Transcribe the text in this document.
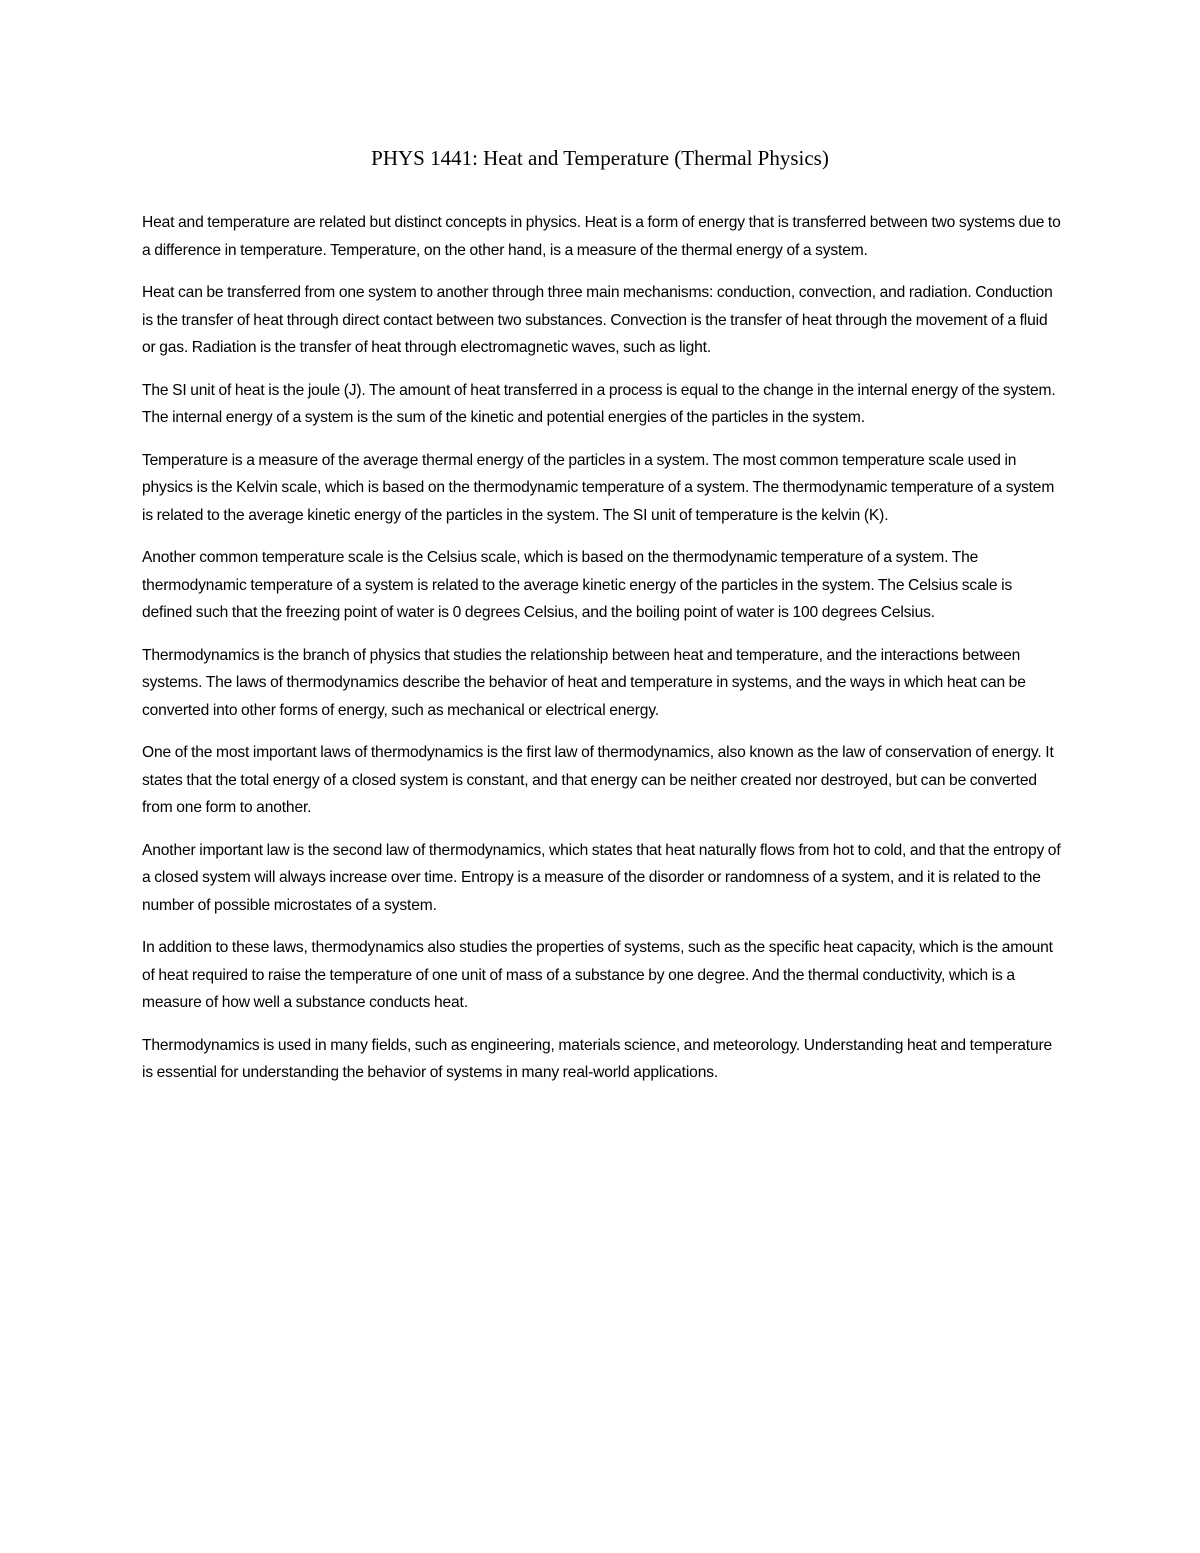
PHYS 1441: Heat and Temperature (Thermal Physics)

Heat and temperature are related but distinct concepts in physics. Heat is a form of energy that is transferred between two systems due to a difference in temperature. Temperature, on the other hand, is a measure of the thermal energy of a system.

Heat can be transferred from one system to another through three main mechanisms: conduction, convection, and radiation. Conduction is the transfer of heat through direct contact between two substances. Convection is the transfer of heat through the movement of a fluid or gas. Radiation is the transfer of heat through electromagnetic waves, such as light.

The SI unit of heat is the joule (J). The amount of heat transferred in a process is equal to the change in the internal energy of the system. The internal energy of a system is the sum of the kinetic and potential energies of the particles in the system.

Temperature is a measure of the average thermal energy of the particles in a system. The most common temperature scale used in physics is the Kelvin scale, which is based on the thermodynamic temperature of a system. The thermodynamic temperature of a system is related to the average kinetic energy of the particles in the system. The SI unit of temperature is the kelvin (K).

Another common temperature scale is the Celsius scale, which is based on the thermodynamic temperature of a system. The thermodynamic temperature of a system is related to the average kinetic energy of the particles in the system. The Celsius scale is defined such that the freezing point of water is 0 degrees Celsius, and the boiling point of water is 100 degrees Celsius.

Thermodynamics is the branch of physics that studies the relationship between heat and temperature, and the interactions between systems. The laws of thermodynamics describe the behavior of heat and temperature in systems, and the ways in which heat can be converted into other forms of energy, such as mechanical or electrical energy.

One of the most important laws of thermodynamics is the first law of thermodynamics, also known as the law of conservation of energy. It states that the total energy of a closed system is constant, and that energy can be neither created nor destroyed, but can be converted from one form to another.

Another important law is the second law of thermodynamics, which states that heat naturally flows from hot to cold, and that the entropy of a closed system will always increase over time. Entropy is a measure of the disorder or randomness of a system, and it is related to the number of possible microstates of a system.

In addition to these laws, thermodynamics also studies the properties of systems, such as the specific heat capacity, which is the amount of heat required to raise the temperature of one unit of mass of a substance by one degree. And the thermal conductivity, which is a measure of how well a substance conducts heat.

Thermodynamics is used in many fields, such as engineering, materials science, and meteorology. Understanding heat and temperature is essential for understanding the behavior of systems in many real-world applications.
